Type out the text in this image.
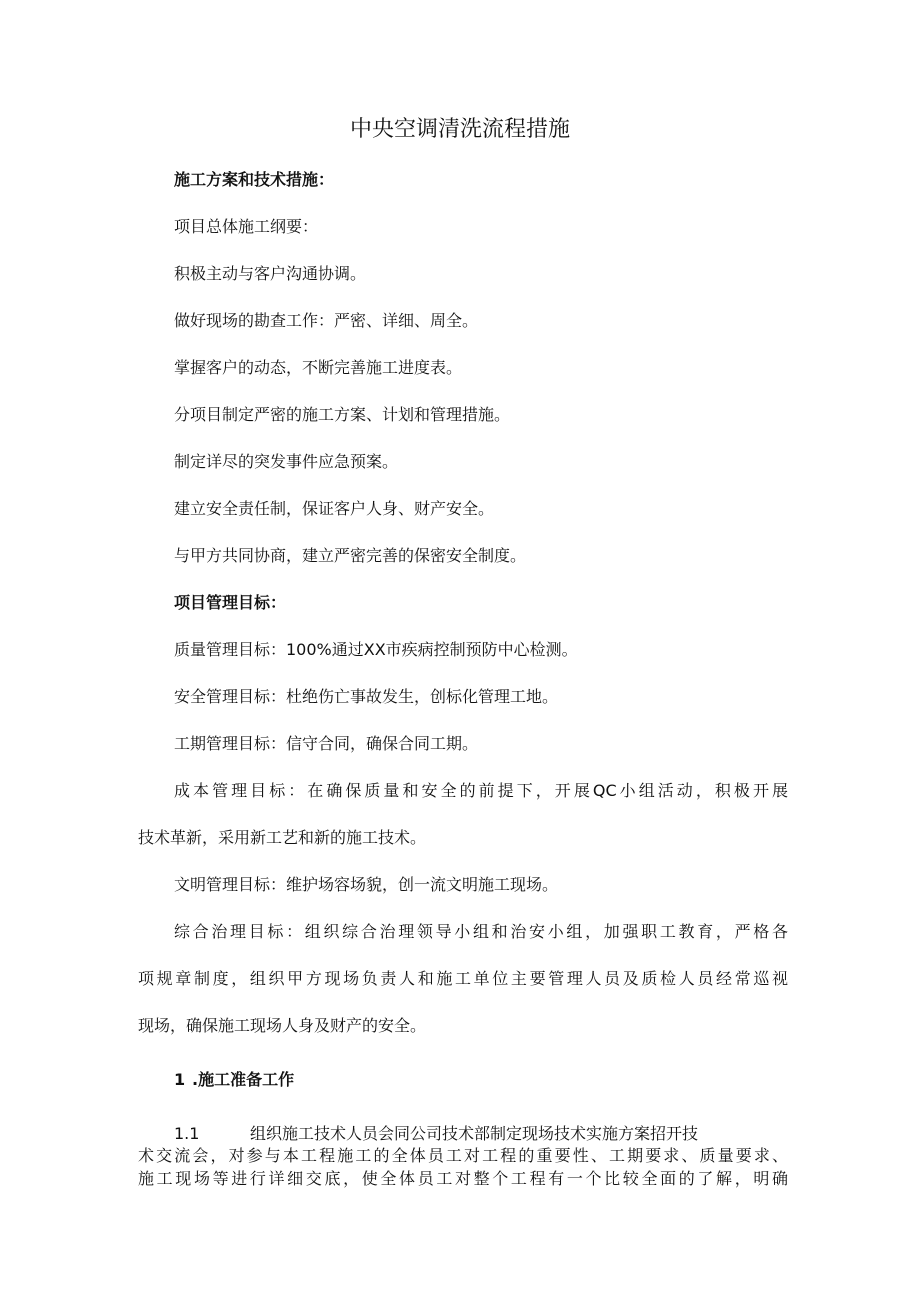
中央空调清洗流程措施
施工方案和技术措施：
项目总体施工纲要：
积极主动与客户沟通协调。
做好现场的勘查工作：严密、详细、周全。
掌握客户的动态，不断完善施工进度表。
分项目制定严密的施工方案、计划和管理措施。
制定详尽的突发事件应急预案。
建立安全责任制，保证客户人身、财产安全。
与甲方共同协商，建立严密完善的保密安全制度。
项目管理目标：
质量管理目标：100%通过XX市疾病控制预防中心检测。
安全管理目标：杜绝伤亡事故发生，创标化管理工地。
工期管理目标：信守合同，确保合同工期。
成本管理目标：在确保质量和安全的前提下，开展QC小组活动，积极开展
技术革新，采用新工艺和新的施工技术。
文明管理目标：维护场容场貌，创一流文明施工现场。
综合治理目标：组织综合治理领导小组和治安小组，加强职工教育，严格各
项规章制度，组织甲方现场负责人和施工单位主要管理人员及质检人员经常巡视
现场，确保施工现场人身及财产的安全。
1 .施工准备工作
1.1	组织施工技术人员会同公司技术部制定现场技术实施方案招开技
术交流会，对参与本工程施工的全体员工对工程的重要性、工期要求、质量要求、
施工现场等进行详细交底，使全体员工对整个工程有一个比较全面的了解，明确
